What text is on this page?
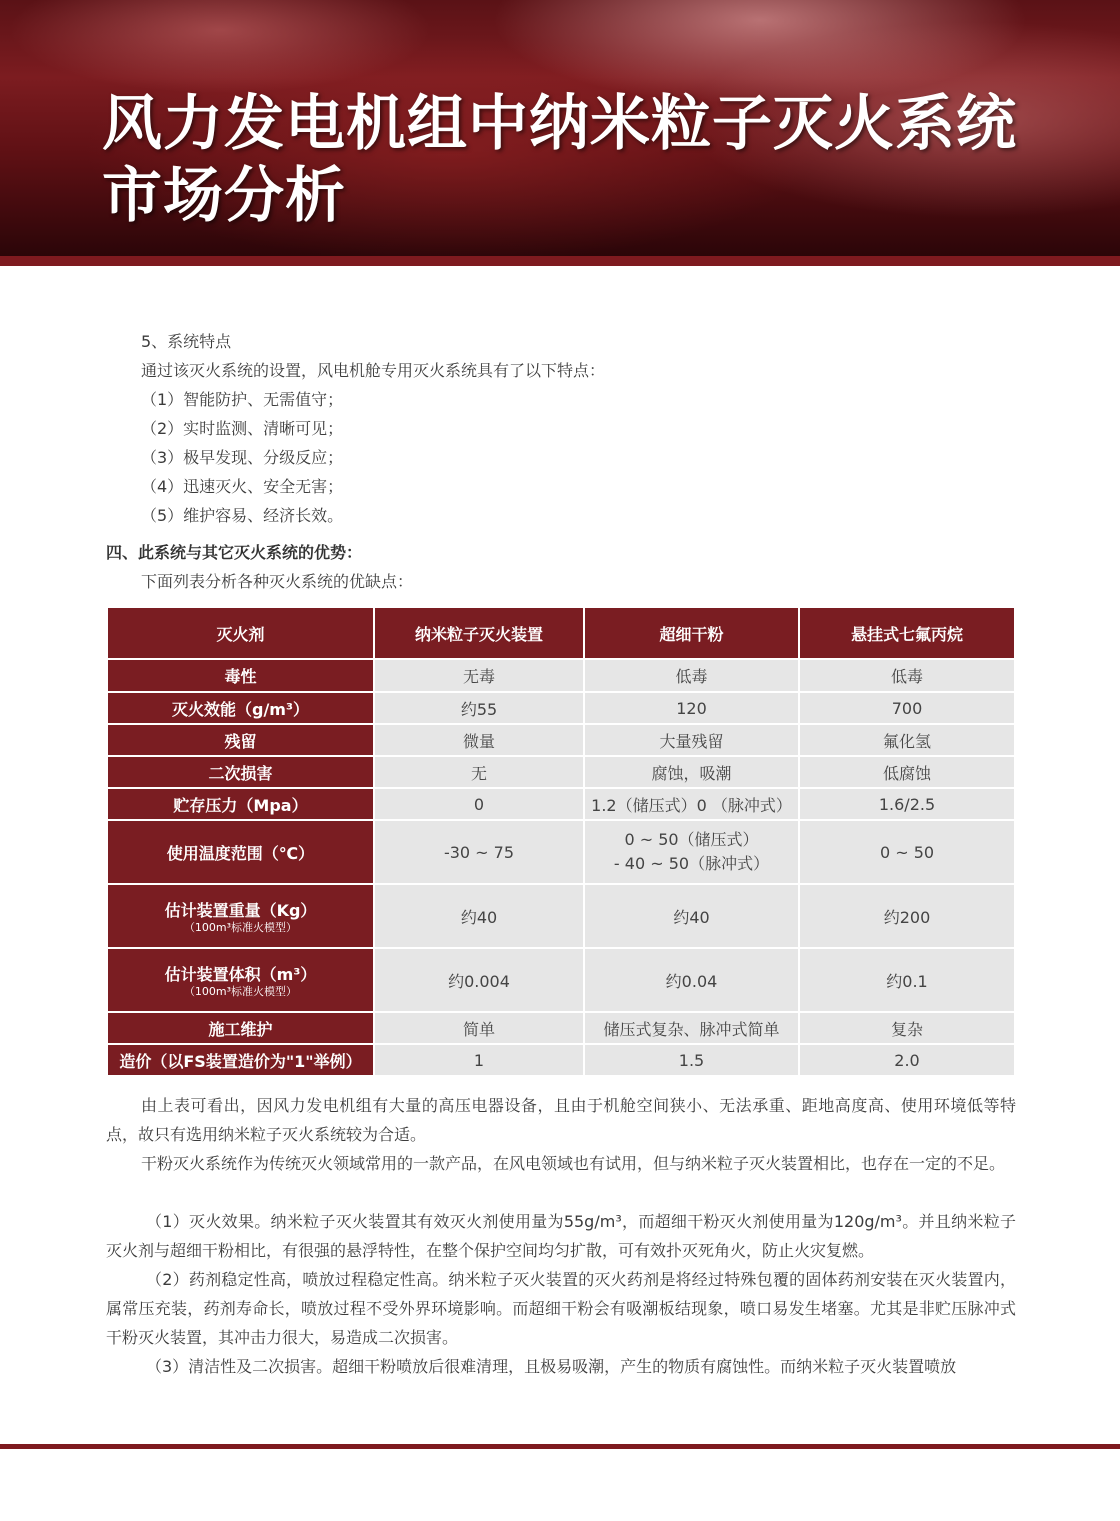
风力发电机组中纳米粒子灭火系统
市场分析
5、系统特点
通过该灭火系统的设置，风电机舱专用灭火系统具有了以下特点：
（1）智能防护、无需值守；
（2）实时监测、清晰可见；
（3）极早发现、分级反应；
（4）迅速灭火、安全无害；
（5）维护容易、经济长效。
四、此系统与其它灭火系统的优势：
下面列表分析各种灭火系统的优缺点：
灭火剂	纳米粒子灭火装置	超细干粉	悬挂式七氟丙烷
毒性	无毒	低毒	低毒
灭火效能（g/m³）	约55	120	700
残留	微量	大量残留	氟化氢
二次损害	无	腐蚀，吸潮	低腐蚀
贮存压力（Mpa）	0	1.2（储压式）0 （脉冲式）	1.6/2.5
使用温度范围（℃）	-30 ~ 75	0 ~ 50（储压式）
- 40 ~ 50（脉冲式）	0 ~ 50
估计装置重量（Kg）
（100m³标准火模型）	约40	约40	约200
估计装置体积（m³）
（100m³标准火模型）	约0.004	约0.04	约0.1
施工维护	简单	储压式复杂、脉冲式简单	复杂
造价（以FS装置造价为"1"举例）	1	1.5	2.0

由上表可看出，因风力发电机组有大量的高压电器设备，且由于机舱空间狭小、无法承重、距地高度高、使用环境低等特点，故只有选用纳米粒子灭火系统较为合适。

干粉灭火系统作为传统灭火领域常用的一款产品，在风电领域也有试用，但与纳米粒子灭火装置相比，也存在一定的不足。

（1）灭火效果。纳米粒子灭火装置其有效灭火剂使用量为55g/m³，而超细干粉灭火剂使用量为120g/m³。并且纳米粒子灭火剂与超细干粉相比，有很强的悬浮特性，在整个保护空间均匀扩散，可有效扑灭死角火，防止火灾复燃。

（2）药剂稳定性高，喷放过程稳定性高。纳米粒子灭火装置的灭火药剂是将经过特殊包覆的固体药剂安装在灭火装置内，属常压充装，药剂寿命长，喷放过程不受外界环境影响。而超细干粉会有吸潮板结现象，喷口易发生堵塞。尤其是非贮压脉冲式干粉灭火装置，其冲击力很大，易造成二次损害。

（3）清洁性及二次损害。超细干粉喷放后很难清理，且极易吸潮，产生的物质有腐蚀性。而纳米粒子灭火装置喷放
